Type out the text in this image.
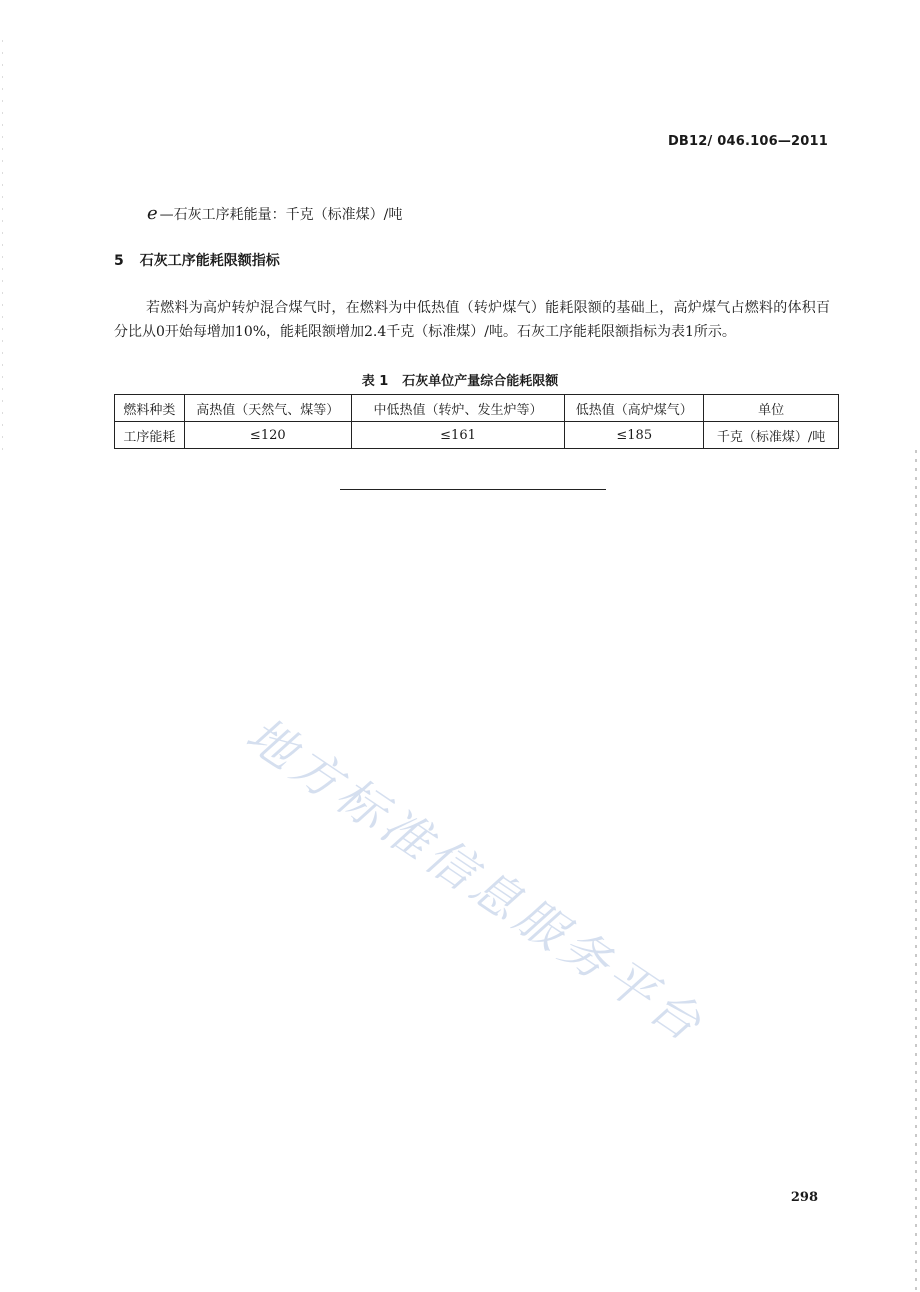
DB12/ 046.106—2011
e —石灰工序耗能量：千克（标准煤）/吨
5 石灰工序能耗限额指标

若燃料为高炉转炉混合煤气时，在燃料为中低热值（转炉煤气）能耗限额的基础上，高炉煤气占燃料的体积百分比从0开始每增加10%，能耗限额增加2.4千克（标准煤）/吨。石灰工序能耗限额指标为表1所示。

表 1 石灰单位产量综合能耗限额
燃料种类	高热值（天然气、煤等）	中低热值（转炉、发生炉等）	低热值（高炉煤气）	单位
工序能耗	≤120	≤161	≤185	千克（标准煤）/吨
地方标准信息服务平台
298
